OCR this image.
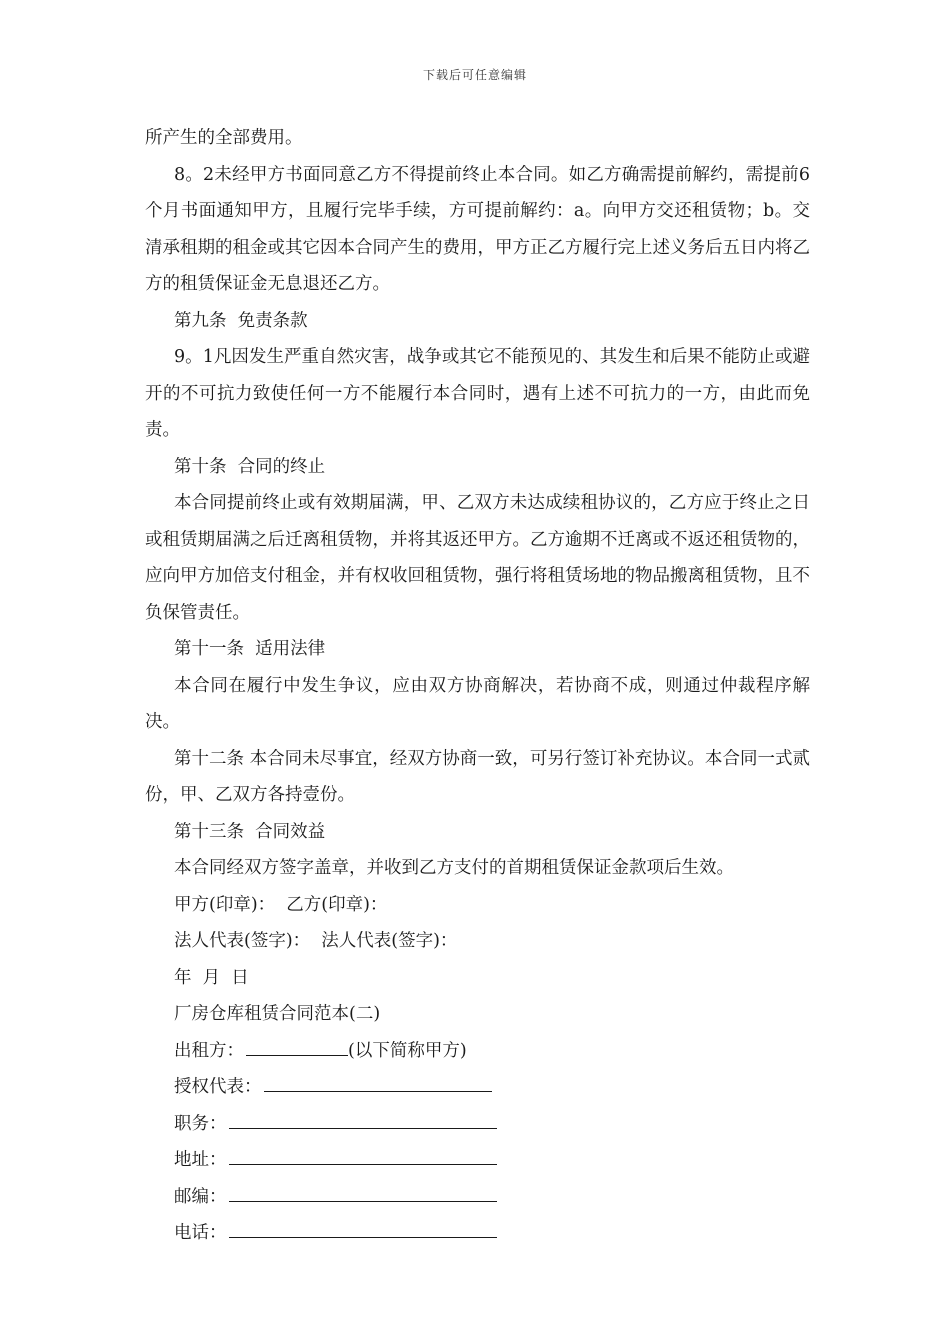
下载后可任意编辑

所产生的全部费用。

8。2未经甲方书面同意乙方不得提前终止本合同。如乙方确需提前解约，需提前6个月书面通知甲方，且履行完毕手续，方可提前解约：a。向甲方交还租赁物；b。交清承租期的租金或其它因本合同产生的费用，甲方正乙方履行完上述义务后五日内将乙方的租赁保证金无息退还乙方。

第九条  免责条款

9。1凡因发生严重自然灾害，战争或其它不能预见的、其发生和后果不能防止或避开的不可抗力致使任何一方不能履行本合同时，遇有上述不可抗力的一方，由此而免责。

第十条  合同的终止

本合同提前终止或有效期届满，甲、乙双方未达成续租协议的，乙方应于终止之日或租赁期届满之后迁离租赁物，并将其返还甲方。乙方逾期不迁离或不返还租赁物的，应向甲方加倍支付租金，并有权收回租赁物，强行将租赁场地的物品搬离租赁物，且不负保管责任。

第十一条  适用法律

本合同在履行中发生争议，应由双方协商解决，若协商不成，则通过仲裁程序解决。

第十二条 本合同未尽事宜，经双方协商一致，可另行签订补充协议。本合同一式贰份，甲、乙双方各持壹份。

第十三条  合同效益

本合同经双方签字盖章，并收到乙方支付的首期租赁保证金款项后生效。

甲方(印章)：  乙方(印章)：

法人代表(签字)：  法人代表(签字)：

年  月  日

厂房仓库租赁合同范本(二)

出租方：	(以下简称甲方)

授权代表：

职务：

地址：

邮编：

电话：
